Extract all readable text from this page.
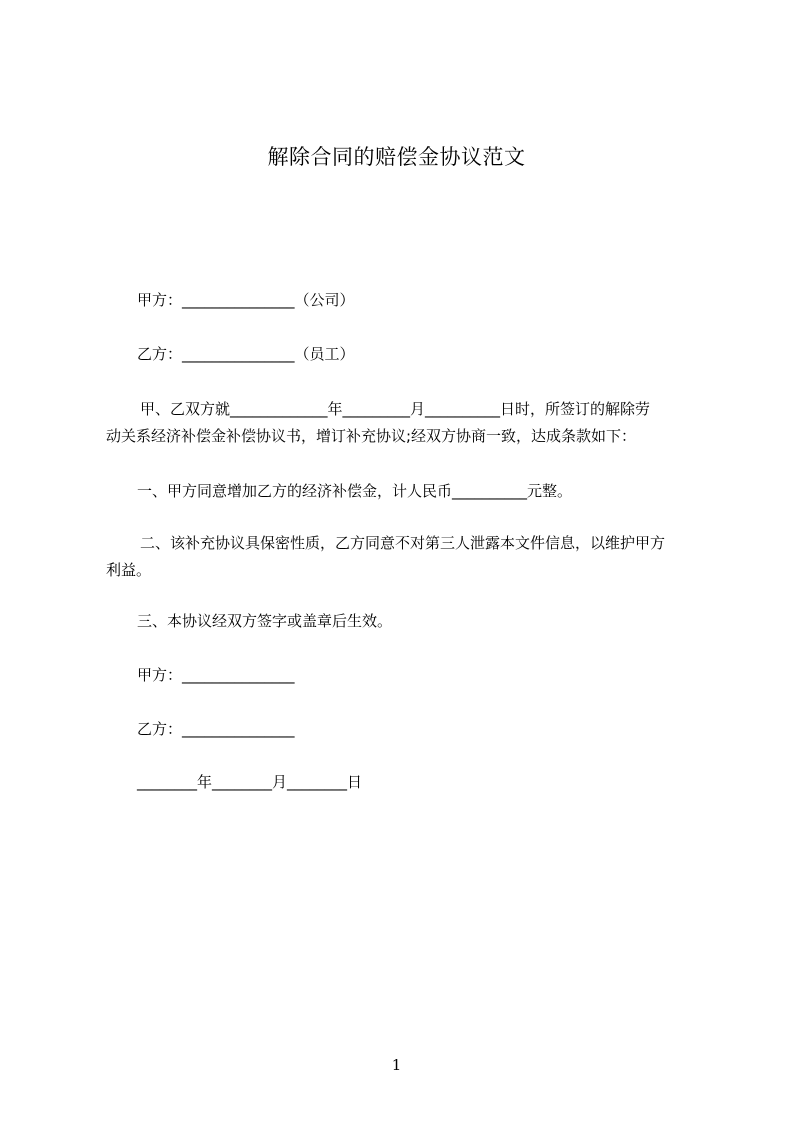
解除合同的赔偿金协议范文
甲方：_______________（公司）
乙方：_______________（员工）
甲、乙双方就_____________年_________月__________日时，所签订的解除劳
动关系经济补偿金补偿协议书，增订补充协议;经双方协商一致，达成条款如下：
一、甲方同意增加乙方的经济补偿金，计人民币__________元整。
二、该补充协议具保密性质，乙方同意不对第三人泄露本文件信息，以维护甲方
利益。
三、本协议经双方签字或盖章后生效。
甲方：_______________
乙方：_______________
________年________月________日
1
